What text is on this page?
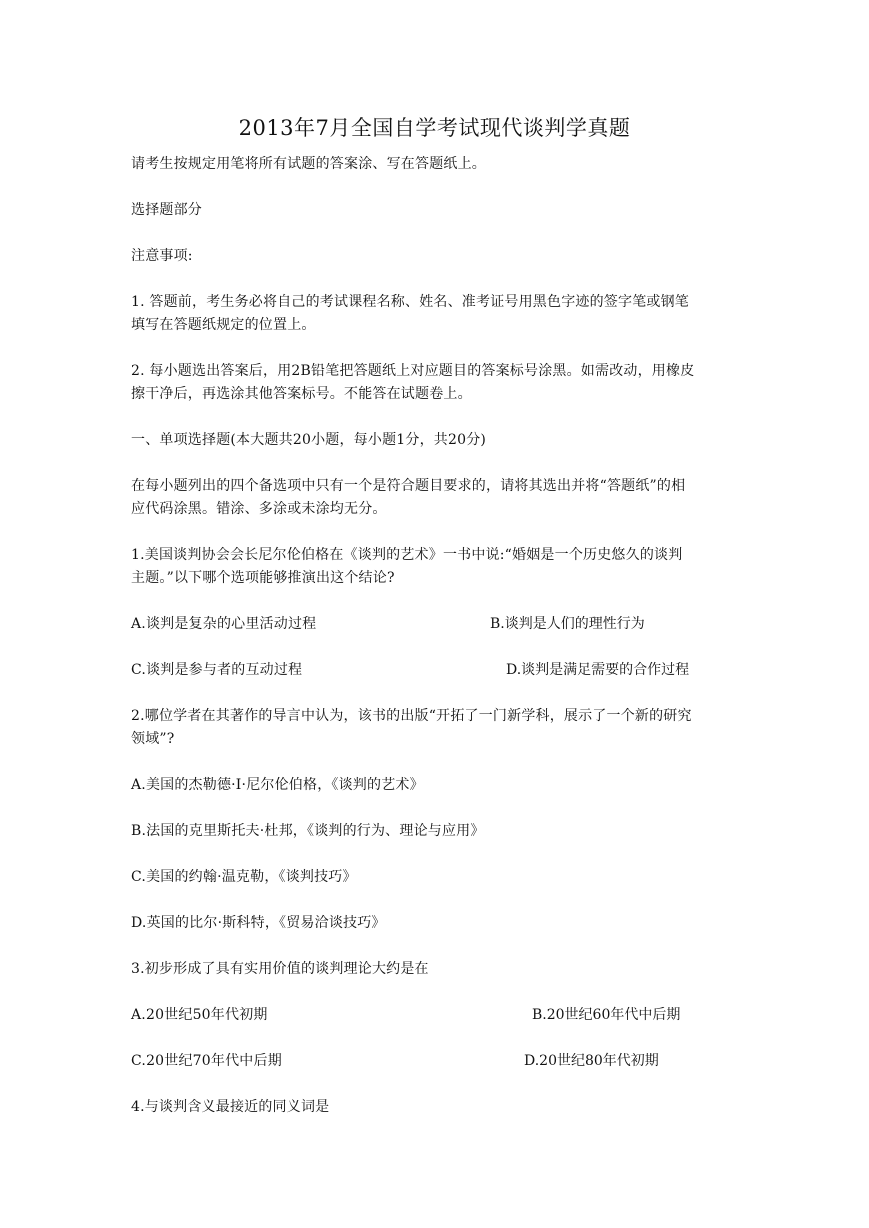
2013年7月全国自学考试现代谈判学真题
请考生按规定用笔将所有试题的答案涂、写在答题纸上。
选择题部分
注意事项:
1. 答题前，考生务必将自己的考试课程名称、姓名、准考证号用黑色字迹的签字笔或钢笔
填写在答题纸规定的位置上。
2. 每小题选出答案后，用2B铅笔把答题纸上对应题目的答案标号涂黑。如需改动，用橡皮
擦干净后，再选涂其他答案标号。不能答在试题卷上。
一、单项选择题(本大题共20小题，每小题1分，共20分)
在每小题列出的四个备选项中只有一个是符合题目要求的，请将其选出并将“答题纸”的相
应代码涂黑。错涂、多涂或未涂均无分。
1.美国谈判协会会长尼尔伦伯格在《谈判的艺术》一书中说:“婚姻是一个历史悠久的谈判
主题。”以下哪个选项能够推演出这个结论?
A.谈判是复杂的心里活动过程	B.谈判是人们的理性行为
C.谈判是参与者的互动过程	D.谈判是满足需要的合作过程
2.哪位学者在其著作的导言中认为，该书的出版“开拓了一门新学科，展示了一个新的研究
领域”?
A.美国的杰勒德·I·尼尔伦伯格，《谈判的艺术》
B.法国的克里斯托夫·杜邦，《谈判的行为、理论与应用》
C.美国的约翰·温克勒，《谈判技巧》
D.英国的比尔·斯科特，《贸易洽谈技巧》
3.初步形成了具有实用价值的谈判理论大约是在
A.20世纪50年代初期	B.20世纪60年代中后期
C.20世纪70年代中后期	D.20世纪80年代初期
4.与谈判含义最接近的同义词是
